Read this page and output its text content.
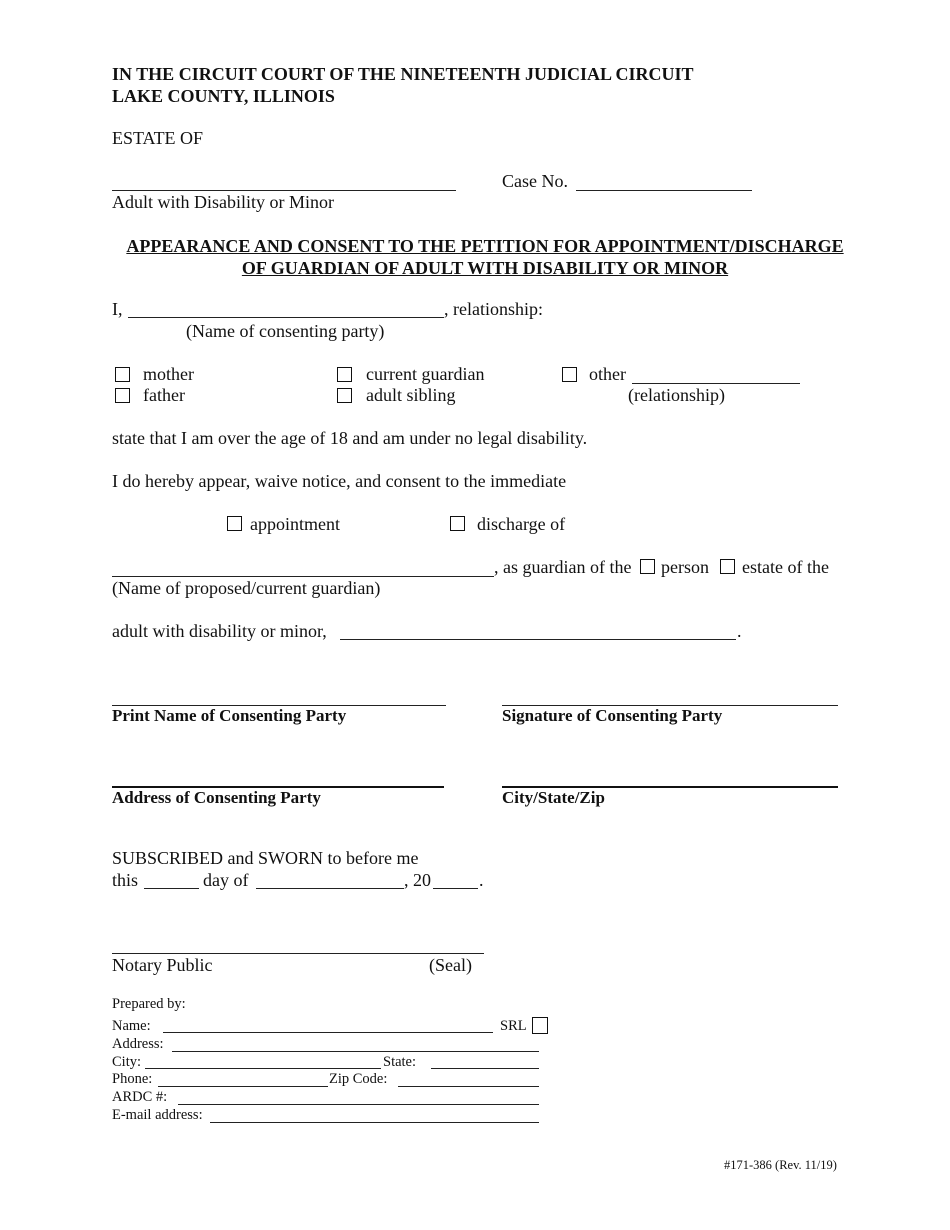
IN THE CIRCUIT COURT OF THE NINETEENTH JUDICIAL CIRCUIT
LAKE COUNTY, ILLINOIS
ESTATE OF
Adult with Disability or Minor
Case No.
APPEARANCE AND CONSENT TO THE PETITION FOR APPOINTMENT/DISCHARGE
OF GUARDIAN OF ADULT WITH DISABILITY OR MINOR
I,	, relationship:
(Name of consenting party)
mother
father
current guardian
adult sibling
other
(relationship)
state that I am over the age of 18 and am under no legal disability.
I do hereby appear, waive notice, and consent to the immediate
appointment	discharge of
, as guardian of the person estate of the
(Name of proposed/current guardian)
adult with disability or minor,	.
Print Name of Consenting Party	Signature of Consenting Party
Address of Consenting Party	City/State/Zip
SUBSCRIBED and SWORN to before me
this	day of	, 20	.
Notary Public	(Seal)
Prepared by:
Name:	SRL
Address:
City:	State:
Phone:	Zip Code:
ARDC #:
E-mail address:
#171-386 (Rev. 11/19)
